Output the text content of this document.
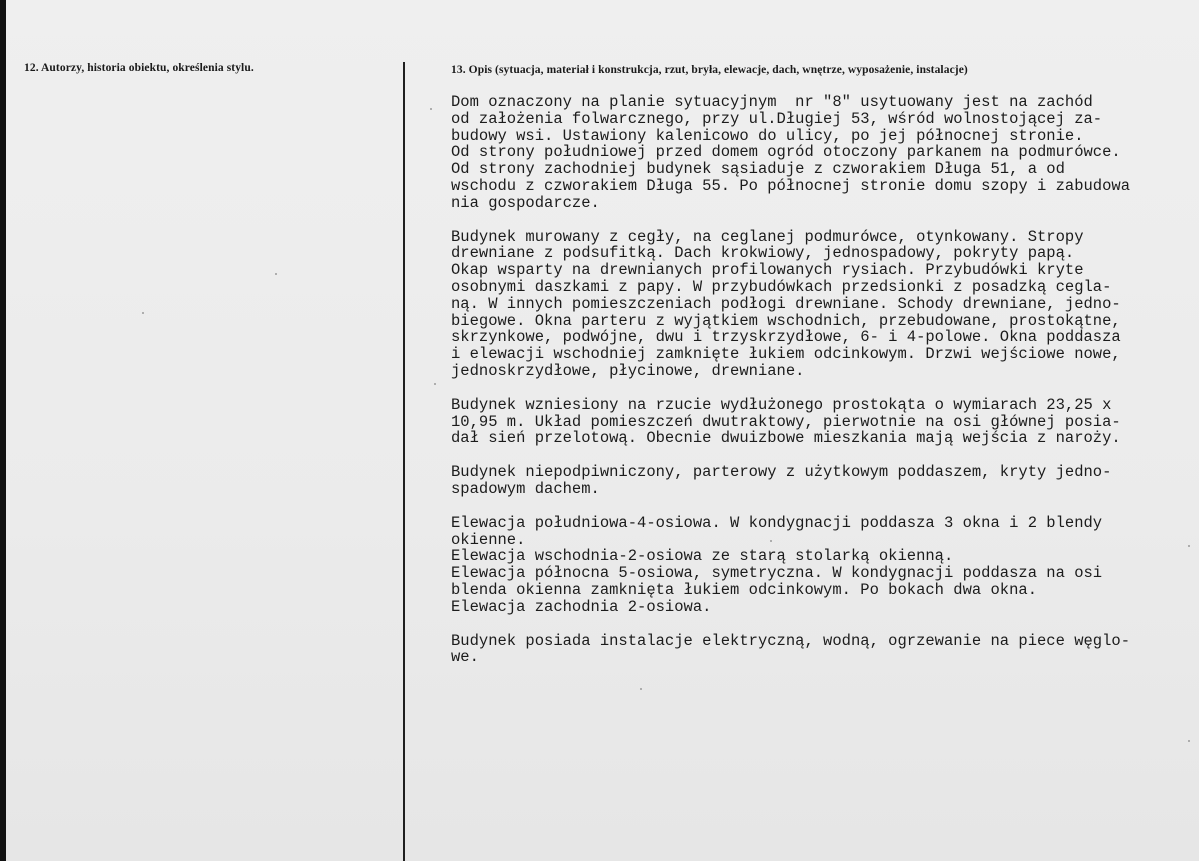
12. Autorzy, historia obiektu, określenia stylu.	13. Opis (sytuacja, materiał i konstrukcja, rzut, bryła, elewacje, dach, wnętrze, wyposażenie, instalacje)
Dom oznaczony na planie sytuacyjnym  nr "8" usytuowany jest na zachód
od założenia folwarcznego, przy ul.Długiej 53, wśród wolnostojącej za-
budowy wsi. Ustawiony kalenicowo do ulicy, po jej północnej stronie.
Od strony południowej przed domem ogród otoczony parkanem na podmurówce.
Od strony zachodniej budynek sąsiaduje z czworakiem Długa 51, a od
wschodu z czworakiem Długa 55. Po północnej stronie domu szopy i zabudowa
nia gospodarcze.
Budynek murowany z cegły, na ceglanej podmurówce, otynkowany. Stropy
drewniane z podsufitką. Dach krokwiowy, jednospadowy, pokryty papą.
Okap wsparty na drewnianych profilowanych rysiach. Przybudówki kryte
osobnymi daszkami z papy. W przybudówkach przedsionki z posadzką cegla-
ną. W innych pomieszczeniach podłogi drewniane. Schody drewniane, jedno-
biegowe. Okna parteru z wyjątkiem wschodnich, przebudowane, prostokątne,
skrzynkowe, podwójne, dwu i trzyskrzydłowe, 6- i 4-polowe. Okna poddasza
i elewacji wschodniej zamknięte łukiem odcinkowym. Drzwi wejściowe nowe,
jednoskrzydłowe, płycinowe, drewniane.
Budynek wzniesiony na rzucie wydłużonego prostokąta o wymiarach 23,25 x
10,95 m. Układ pomieszczeń dwutraktowy, pierwotnie na osi głównej posia-
dał sień przelotową. Obecnie dwuizbowe mieszkania mają wejścia z naroży.
Budynek niepodpiwniczony, parterowy z użytkowym poddaszem, kryty jedno-
spadowym dachem.
Elewacja południowa-4-osiowa. W kondygnacji poddasza 3 okna i 2 blendy
okienne.
Elewacja wschodnia-2-osiowa ze starą stolarką okienną.
Elewacja północna 5-osiowa, symetryczna. W kondygnacji poddasza na osi
blenda okienna zamknięta łukiem odcinkowym. Po bokach dwa okna.
Elewacja zachodnia 2-osiowa.
Budynek posiada instalacje elektryczną, wodną, ogrzewanie na piece węglo-
we.
